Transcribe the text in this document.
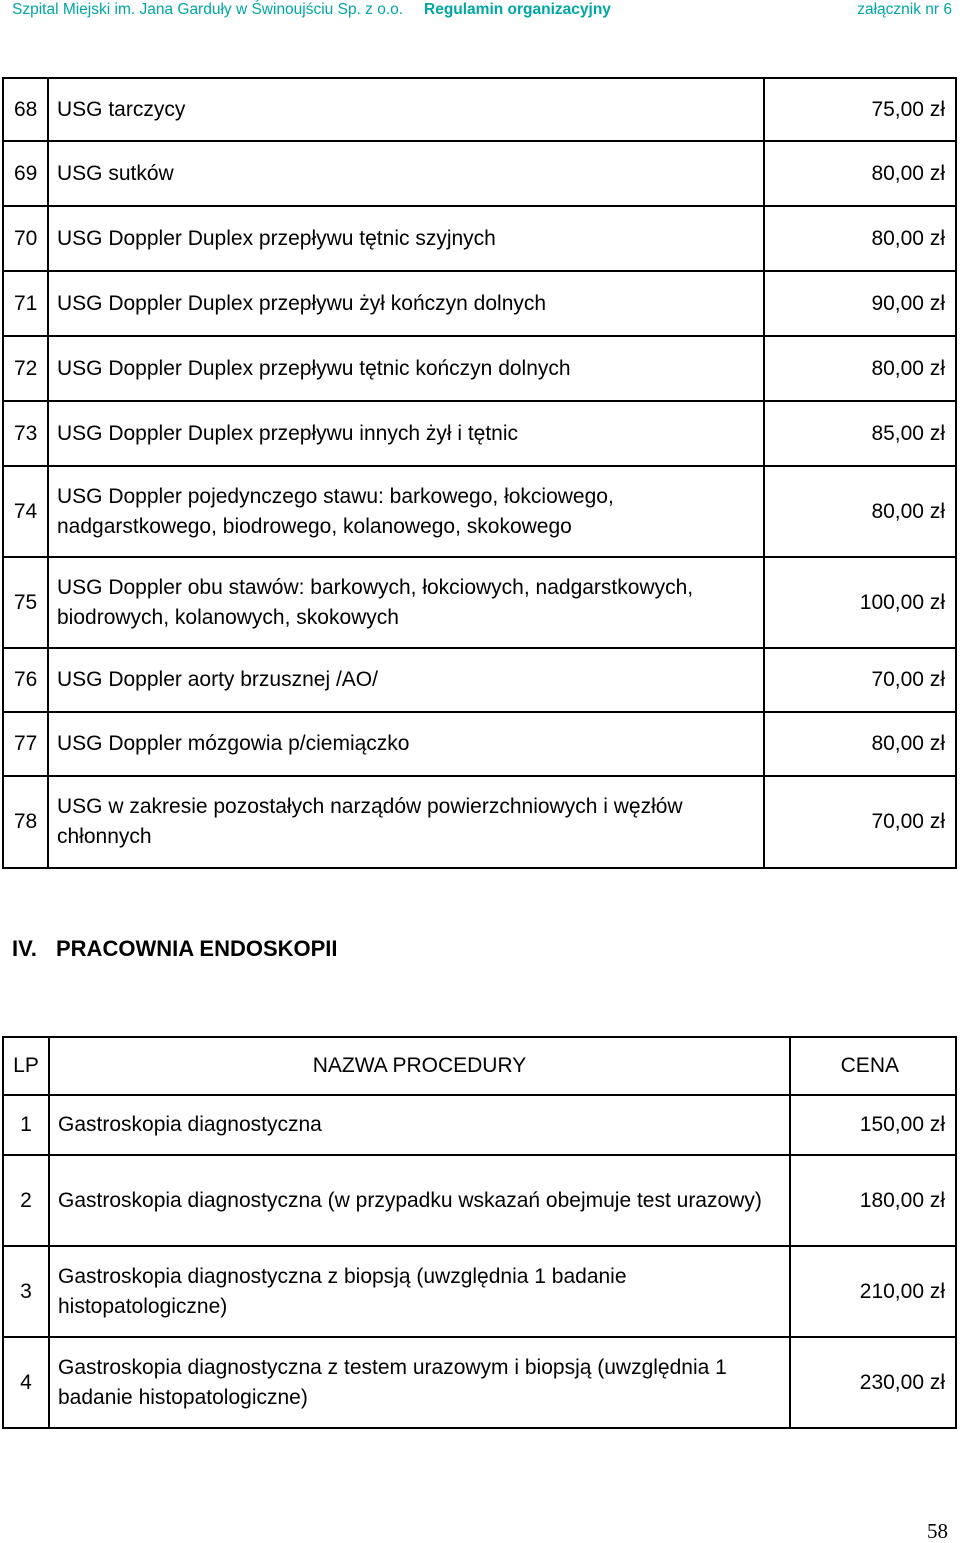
Szpital Miejski im. Jana Garduły w Świnoujściu Sp. z o.o. Regulamin organizacyjny	załącznik nr 6
68	USG tarczycy	75,00 zł
69	USG sutków	80,00 zł
70	USG Doppler Duplex przepływu tętnic szyjnych	80,00 zł
71	USG Doppler Duplex przepływu żył kończyn dolnych	90,00 zł
72	USG Doppler Duplex przepływu tętnic kończyn dolnych	80,00 zł
73	USG Doppler Duplex przepływu innych żył i tętnic	85,00 zł
74	USG Doppler pojedynczego stawu: barkowego, łokciowego, nadgarstkowego, biodrowego, kolanowego, skokowego	80,00 zł
75	USG Doppler obu stawów: barkowych, łokciowych, nadgarstkowych, biodrowych, kolanowych, skokowych	100,00 zł
76	USG Doppler aorty brzusznej /AO/	70,00 zł
77	USG Doppler mózgowia p/ciemiączko	80,00 zł
78	USG w zakresie pozostałych narządów powierzchniowych i węzłów chłonnych	70,00 zł
IV. PRACOWNIA ENDOSKOPII
LP	NAZWA PROCEDURY	CENA
1	Gastroskopia diagnostyczna	150,00 zł
2	Gastroskopia diagnostyczna (w przypadku wskazań obejmuje test urazowy)	180,00 zł
3	Gastroskopia diagnostyczna z biopsją (uwzględnia 1 badanie histopatologiczne)	210,00 zł
4	Gastroskopia diagnostyczna z testem urazowym i biopsją (uwzględnia 1 badanie histopatologiczne)	230,00 zł
58
